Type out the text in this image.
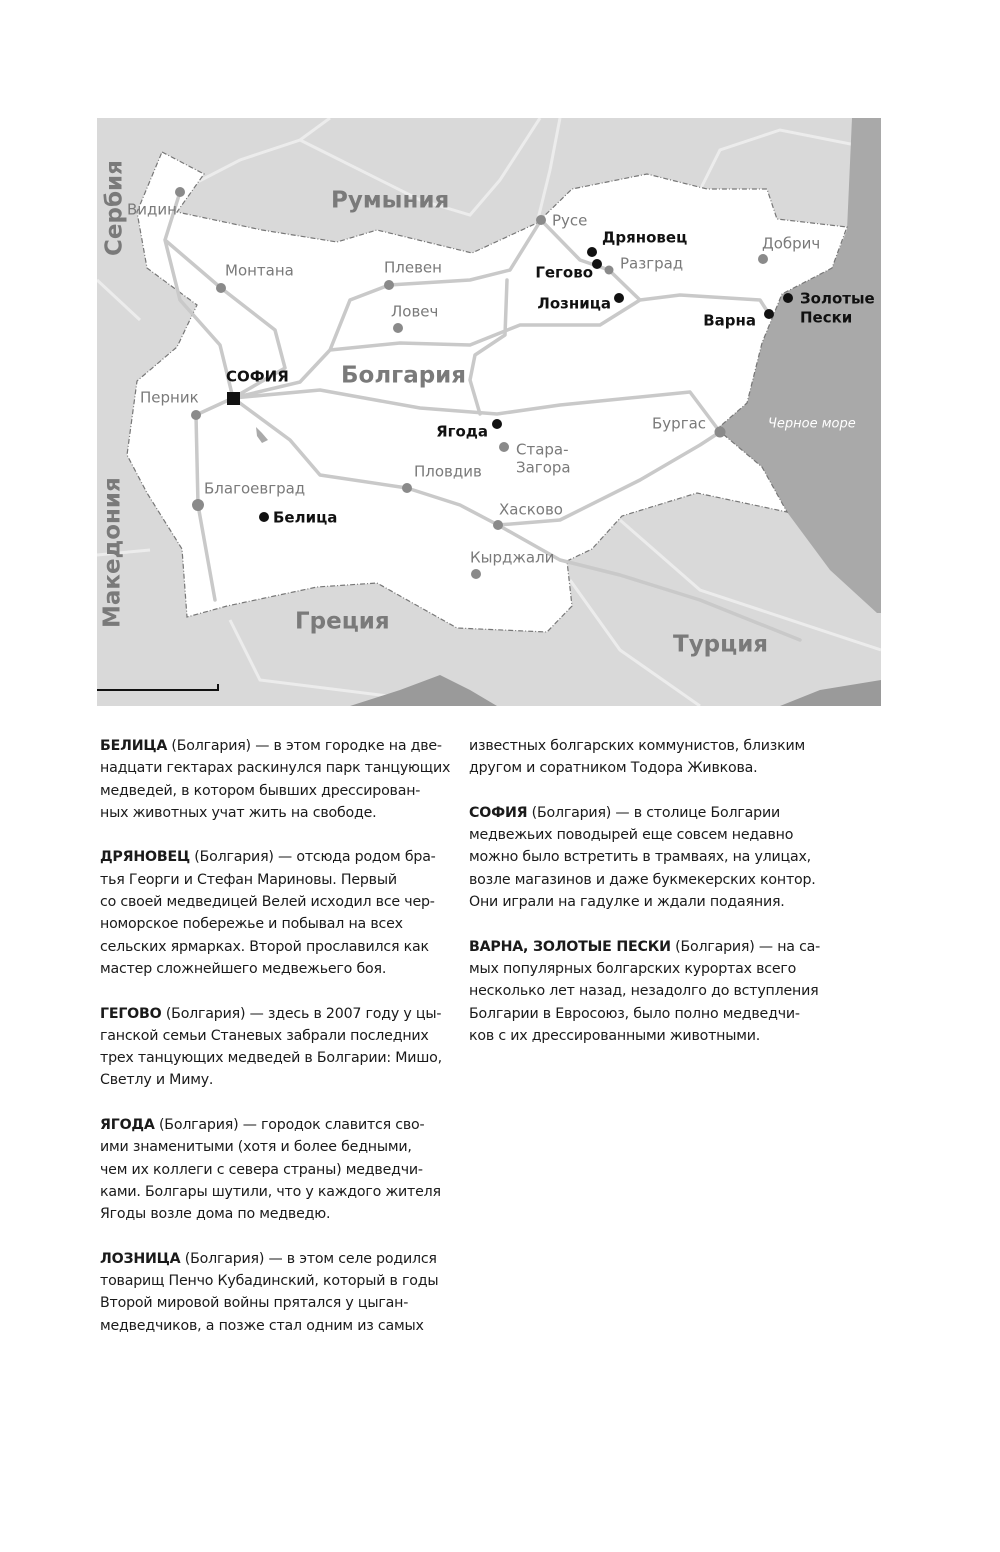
Румыния
Болгария
Греция
Турция
Сербия
Македония
Черное море
Видин
Русе
Разград
Добрич
Монтана	Плевен
Ловеч
Перник
Бургас
Стара-
Загора
Пловдив
Благоевград
Хасково
Кырджали
СОФИЯ
Дряновец
Гегово
Лозница	Золотые
Пески
Варна
Ягода
Белица
БЕЛИЦА (Болгария) — в этом городке на две-
надцати гектарах раскинулся парк танцующих
медведей, в котором бывших дрессирован-
ных животных учат жить на свободе.
ДРЯНОВЕЦ (Болгария) — отсюда родом бра-
тья Георги и Стефан Мариновы. Первый
со своей медведицей Велей исходил все чер-
номорское побережье и побывал на всех
сельских ярмарках. Второй прославился как
мастер сложнейшего медвежьего боя.
ГЕГОВО (Болгария) — здесь в 2007 году у цы-
ганской семьи Станевых забрали последних
трех танцующих медведей в Болгарии: Мишо,
Светлу и Миму.
ЯГОДА (Болгария) — городок славится сво-
ими знаменитыми (хотя и более бедными,
чем их коллеги с севера страны) медведчи-
ками. Болгары шутили, что у каждого жителя
Ягоды возле дома по медведю.
ЛОЗНИЦА (Болгария) — в этом селе родился
товарищ Пенчо Кубадинский, который в годы
Второй мировой войны прятался у цыган-
медведчиков, а позже стал одним из самых
известных болгарских коммунистов, близким
другом и соратником Тодора Живкова.
СОФИЯ (Болгария) — в столице Болгарии
медвежьих поводырей еще совсем недавно
можно было встретить в трамваях, на улицах,
возле магазинов и даже букмекерских контор.
Они играли на гадулке и ждали подаяния.
ВАРНА, ЗОЛОТЫЕ ПЕСКИ (Болгария) — на са-
мых популярных болгарских курортах всего
несколько лет назад, незадолго до вступления
Болгарии в Евросоюз, было полно медведчи-
ков с их дрессированными животными.
